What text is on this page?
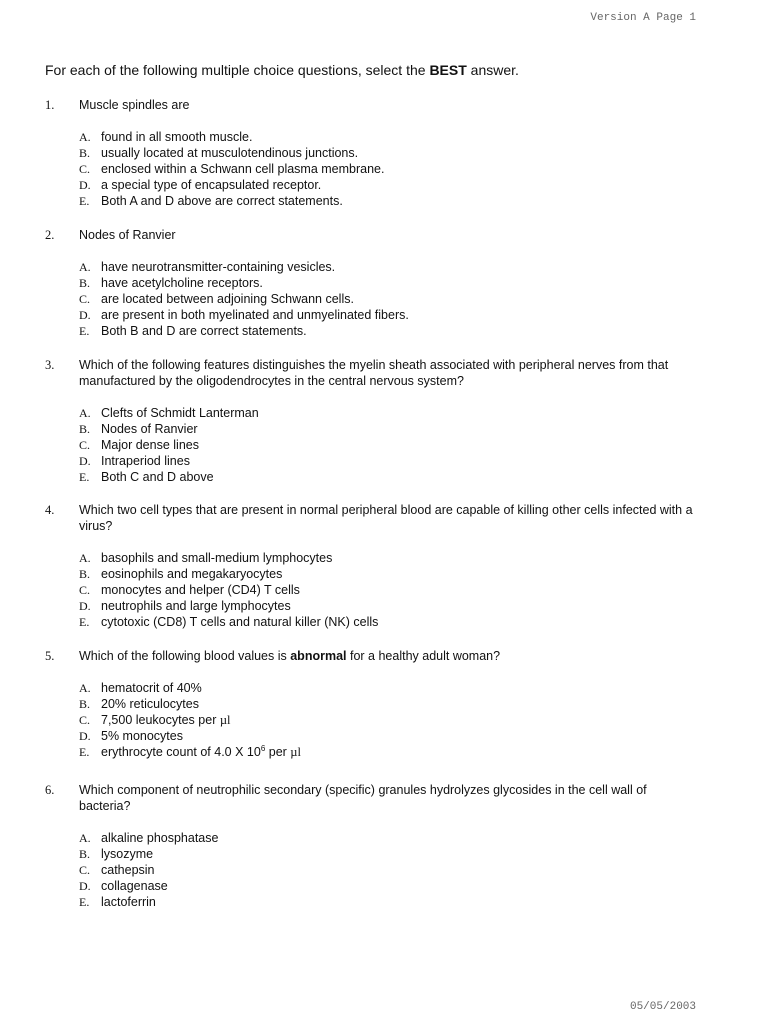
Version A Page 1
For each of the following multiple choice questions, select the BEST answer.
1.	Muscle spindles are
A. found in all smooth muscle.
B. usually located at musculotendinous junctions.
C. enclosed within a Schwann cell plasma membrane.
D. a special type of encapsulated receptor.
E. Both A and D above are correct statements.
2.	Nodes of Ranvier
A. have neurotransmitter-containing vesicles.
B. have acetylcholine receptors.
C. are located between adjoining Schwann cells.
D. are present in both myelinated and unmyelinated fibers.
E. Both B and D are correct statements.
3.	Which of the following features distinguishes the myelin sheath associated with peripheral nerves from that manufactured by the oligodendrocytes in the central nervous system?
A. Clefts of Schmidt Lanterman
B. Nodes of Ranvier
C. Major dense lines
D. Intraperiod lines
E. Both C and D above
4.	Which two cell types that are present in normal peripheral blood are capable of killing other cells infected with a virus?
A. basophils and small-medium lymphocytes
B. eosinophils and megakaryocytes
C. monocytes and helper (CD4) T cells
D. neutrophils and large lymphocytes
E. cytotoxic (CD8) T cells and natural killer (NK) cells
5.	Which of the following blood values is abnormal for a healthy adult woman?
A. hematocrit of 40%
B. 20% reticulocytes
C. 7,500 leukocytes per µl
D. 5% monocytes
E. erythrocyte count of 4.0 X $10^6$ per µl
6.	Which component of neutrophilic secondary (specific) granules hydrolyzes glycosides in the cell wall of bacteria?
A. alkaline phosphatase
B. lysozyme
C. cathepsin
D. collagenase
E. lactoferrin
05/05/2003
